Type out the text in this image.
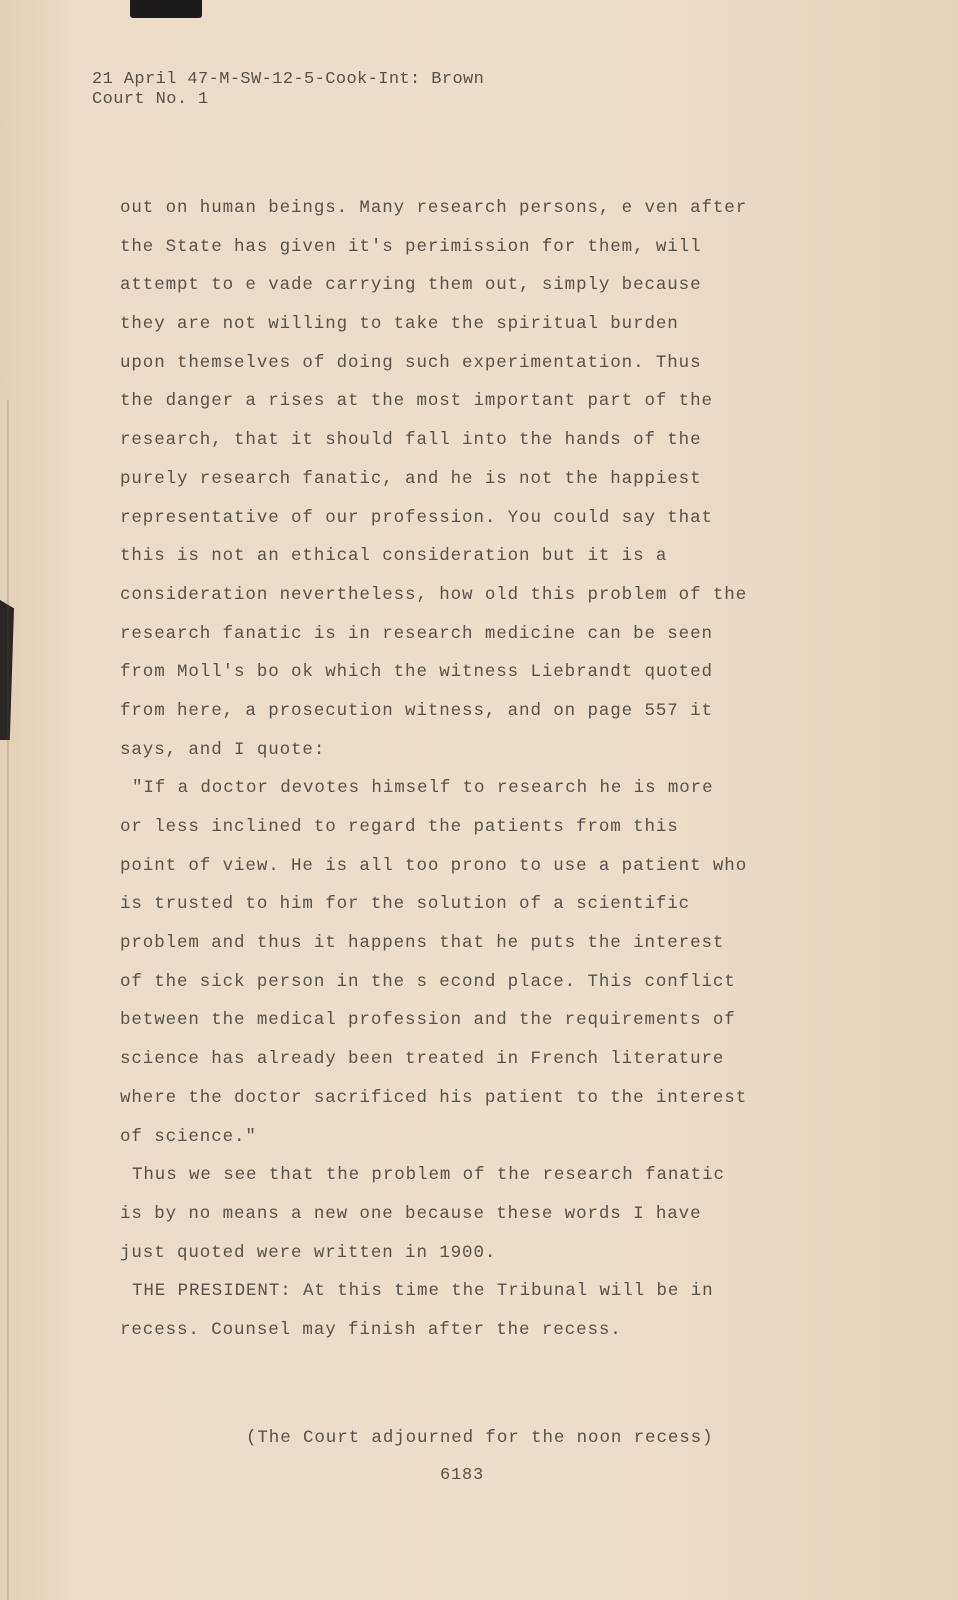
21 April 47-M-SW-12-5-Cook-Int: Brown
Court No. 1
out on human beings. Many research persons, e ven after
the State has given it's perimission for them, will
attempt to e vade carrying them out, simply because
they are not willing to take the spiritual burden
upon themselves of doing such experimentation. Thus
the danger a rises at the most important part of the
research, that it should fall into the hands of the
purely research fanatic, and he is not the happiest
representative of our profession. You could say that
this is not an ethical consideration but it is a
consideration nevertheless, how old this problem of the
research fanatic is in research medicine can be seen
from Moll's bo ok which the witness Liebrandt quoted
from here, a prosecution witness, and on page 557 it
says, and I quote:
"If a doctor devotes himself to research he is more
or less inclined to regard the patients from this
point of view. He is all too prono to use a patient who
is trusted to him for the solution of a scientific
problem and thus it happens that he puts the interest
of the sick person in the s econd place. This conflict
between the medical profession and the requirements of
science has already been treated in French literature
where the doctor sacrificed his patient to the interest
of science."
Thus we see that the problem of the research fanatic
is by no means a new one because these words I have
just quoted were written in 1900.
THE PRESIDENT: At this time the Tribunal will be in
recess. Counsel may finish after the recess.
(The Court adjourned for the noon recess)
6183
